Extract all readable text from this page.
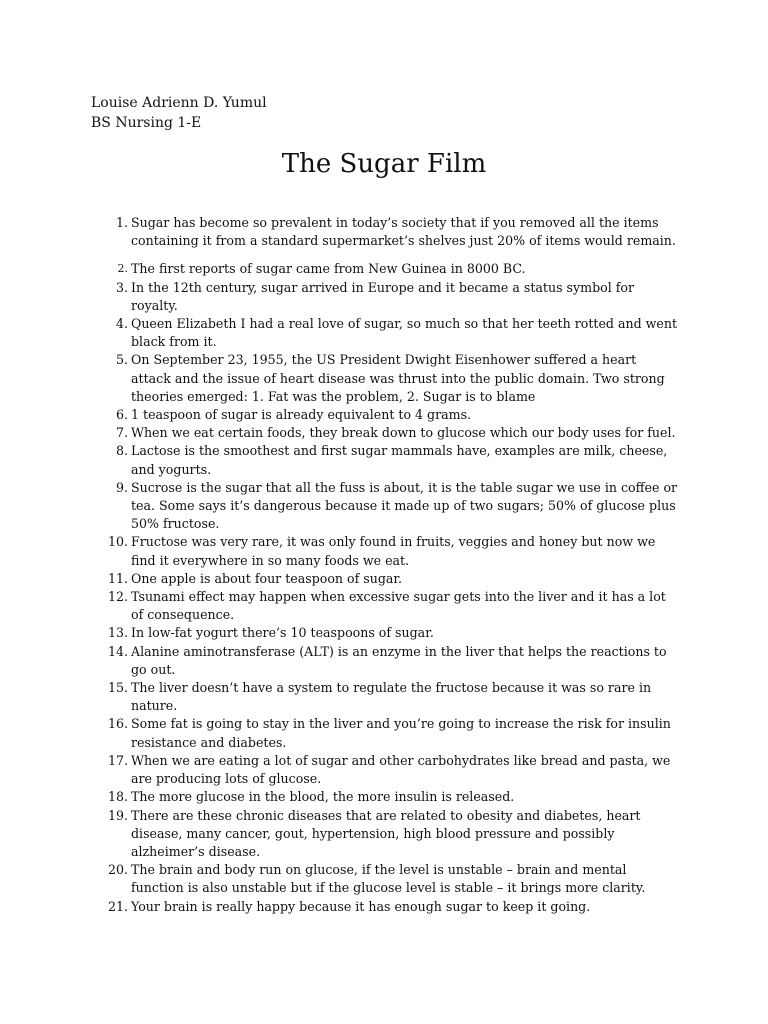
Louise Adrienn D. Yumul
BS Nursing 1-E
The Sugar Film
1 . Sugar has become so prevalent in today’s society that if you removed all the items containing it from a standard supermarket’s shelves just 20% of items would remain.
2 . The first reports of sugar came from New Guinea in 8000 BC.
3 . In the 12th century, sugar arrived in Europe and it became a status symbol for royalty.
4 . Queen Elizabeth I had a real love of sugar, so much so that her teeth rotted and went black from it.
5 . On September 23, 1955, the US President Dwight Eisenhower suffered a heart attack and the issue of heart disease was thrust into the public domain. Two strong theories emerged: 1. Fat was the problem, 2. Sugar is to blame
6 . 1 teaspoon of sugar is already equivalent to 4 grams.
7 . When we eat certain foods, they break down to glucose which our body uses for fuel.
8 . Lactose is the smoothest and first sugar mammals have, examples are milk, cheese, and yogurts.
9 . Sucrose is the sugar that all the fuss is about, it is the table sugar we use in coffee or tea. Some says it’s dangerous because it made up of two sugars; 50% of glucose plus 50% fructose.
10 . Fructose was very rare, it was only found in fruits, veggies and honey but now we find it everywhere in so many foods we eat.
11 . One apple is about four teaspoon of sugar.
12 . Tsunami effect may happen when excessive sugar gets into the liver and it has a lot of consequence.
13 . In low-fat yogurt there’s 10 teaspoons of sugar.
14 . Alanine aminotransferase (ALT) is an enzyme in the liver that helps the reactions to go out.
15 . The liver doesn’t have a system to regulate the fructose because it was so rare in nature.
16 . Some fat is going to stay in the liver and you’re going to increase the risk for insulin resistance and diabetes.
17 . When we are eating a lot of sugar and other carbohydrates like bread and pasta, we are producing lots of glucose.
18 . The more glucose in the blood, the more insulin is released.
19 . There are these chronic diseases that are related to obesity and diabetes, heart disease, many cancer, gout, hypertension, high blood pressure and possibly alzheimer’s disease.
20 . The brain and body run on glucose, if the level is unstable – brain and mental function is also unstable but if the glucose level is stable – it brings more clarity.
21 . Your brain is really happy because it has enough sugar to keep it going.
